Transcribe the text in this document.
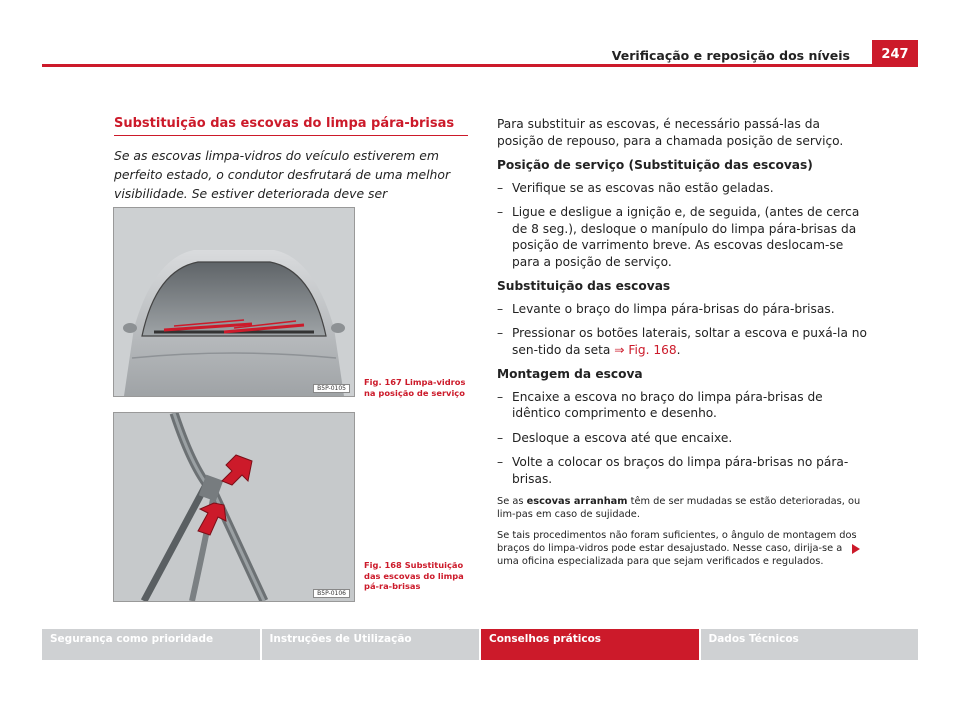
Verificação e reposição dos níveis	247
Substituição das escovas do limpa pára-brisas
Se as escovas limpa-vidros do veículo estiverem em perfeito estado, o condutor desfrutará de uma melhor visibilidade. Se estiver deteriorada deve ser
B5P-0105
Fig. 167 Limpa-vidros na posição de serviço
B5P-0106
Fig. 168 Substituição das escovas do limpa pá-ra-brisas

Para substituir as escovas, é necessário passá-las da posição de repouso, para a chamada posição de serviço.

Posição de serviço (Substituição das escovas)
– Verifique se as escovas não estão geladas.
– Ligue e desligue a ignição e, de seguida, (antes de cerca de 8 seg.), desloque o manípulo do limpa pára-brisas da posição de varrimento breve. As escovas deslocam-se para a posição de serviço.
Substituição das escovas
– Levante o braço do limpa pára-brisas do pára-brisas.
– Pressionar os botões laterais, soltar a escova e puxá-la no sen-tido da seta ⇒ Fig. 168.
Montagem da escova
– Encaixe a escova no braço do limpa pára-brisas de idêntico comprimento e desenho.
– Desloque a escova até que encaixe.
– Volte a colocar os braços do limpa pára-brisas no pára-brisas.

Se as escovas arranham têm de ser mudadas se estão deterioradas, ou lim-pas em caso de sujidade.

Se tais procedimentos não foram suficientes, o ângulo de montagem dos braços do limpa-vidros pode estar desajustado. Nesse caso, dirija-se a uma oficina especializada para que sejam verificados e regulados.

Segurança como prioridade	Instruções de Utilização	Conselhos práticos	Dados Técnicos
